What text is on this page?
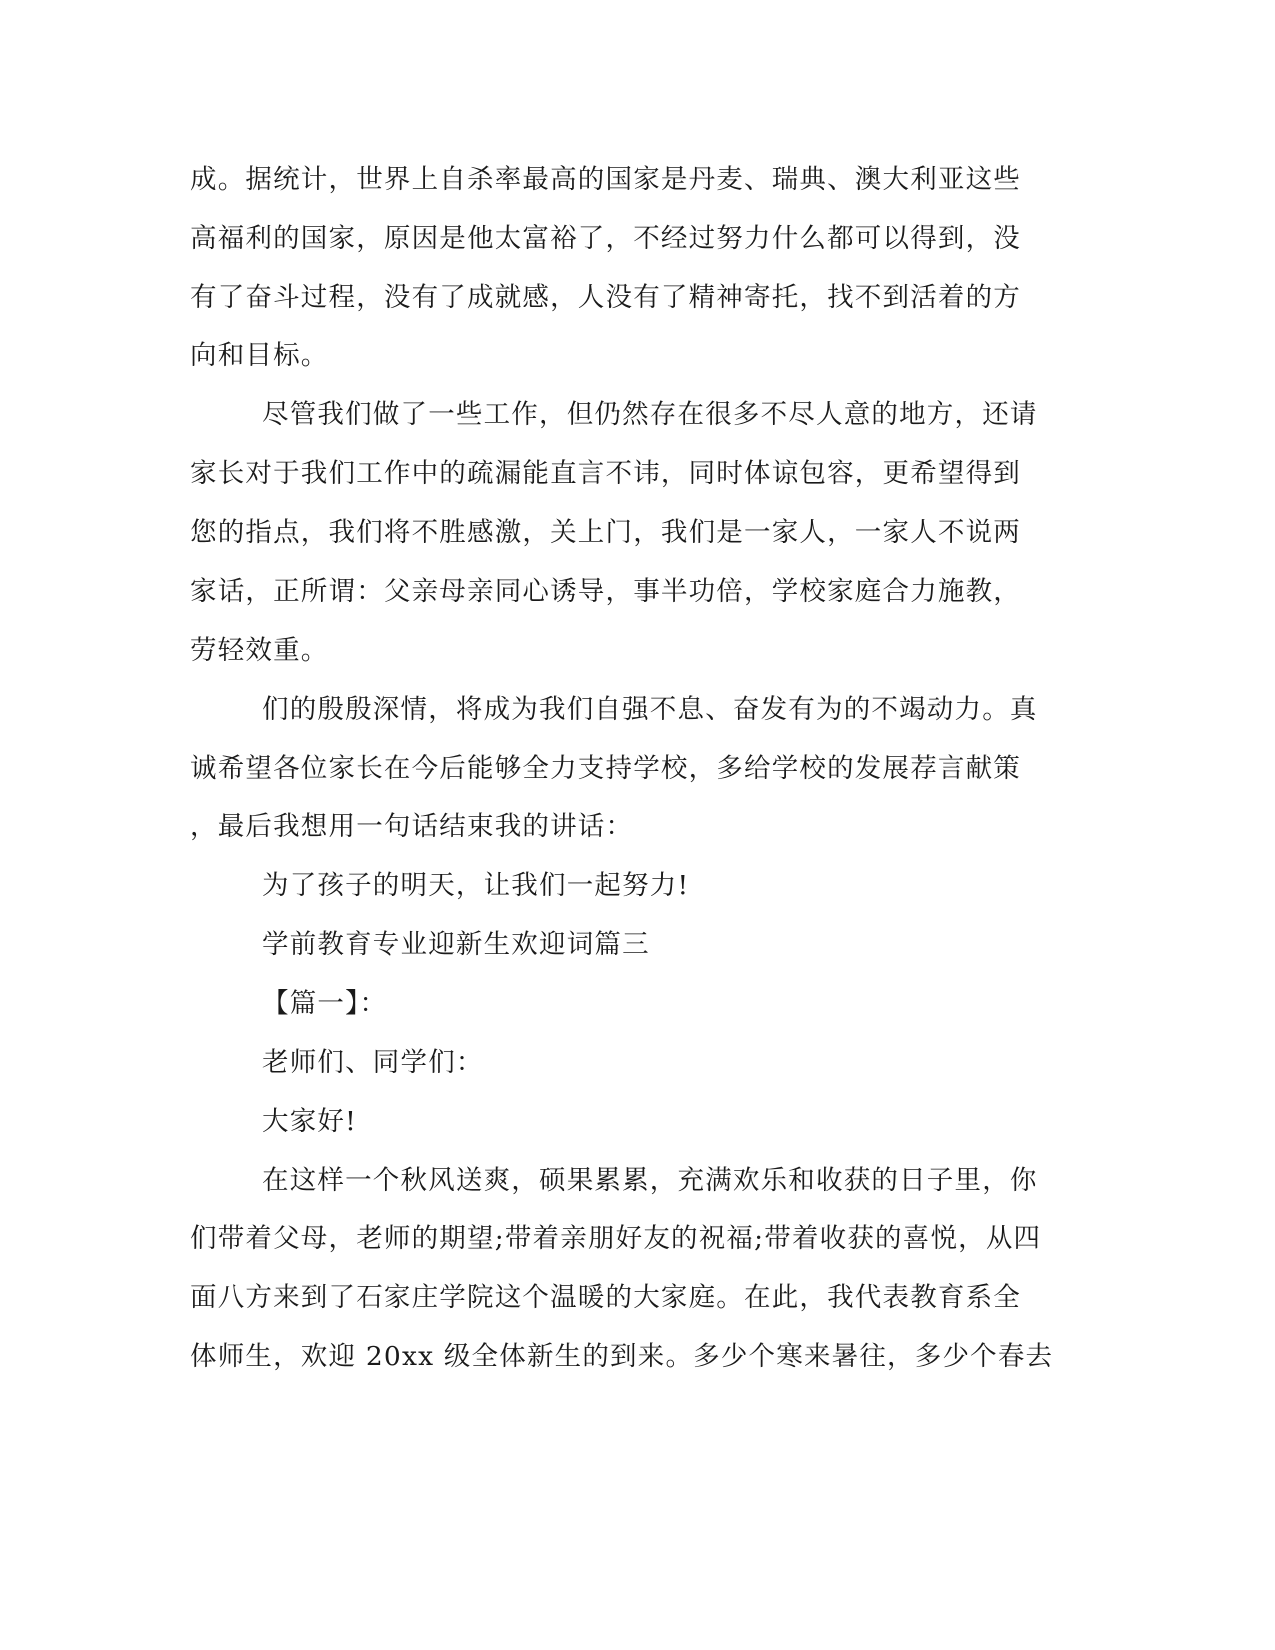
成。据统计，世界上自杀率最高的国家是丹麦、瑞典、澳大利亚这些
高福利的国家，原因是他太富裕了，不经过努力什么都可以得到，没
有了奋斗过程，没有了成就感，人没有了精神寄托，找不到活着的方
向和目标。
尽管我们做了一些工作，但仍然存在很多不尽人意的地方，还请
家长对于我们工作中的疏漏能直言不讳，同时体谅包容，更希望得到
您的指点，我们将不胜感激，关上门，我们是一家人，一家人不说两
家话，正所谓：父亲母亲同心诱导，事半功倍，学校家庭合力施教，
劳轻效重。
们的殷殷深情，将成为我们自强不息、奋发有为的不竭动力。真
诚希望各位家长在今后能够全力支持学校，多给学校的发展荐言献策
，最后我想用一句话结束我的讲话：
为了孩子的明天，让我们一起努力!
学前教育专业迎新生欢迎词篇三
【篇一】：
老师们、同学们：
大家好!
在这样一个秋风送爽，硕果累累，充满欢乐和收获的日子里，你
们带着父母，老师的期望;带着亲朋好友的祝福;带着收获的喜悦，从四
面八方来到了石家庄学院这个温暖的大家庭。在此，我代表教育系全
体师生，欢迎 20xx 级全体新生的到来。多少个寒来暑往，多少个春去
